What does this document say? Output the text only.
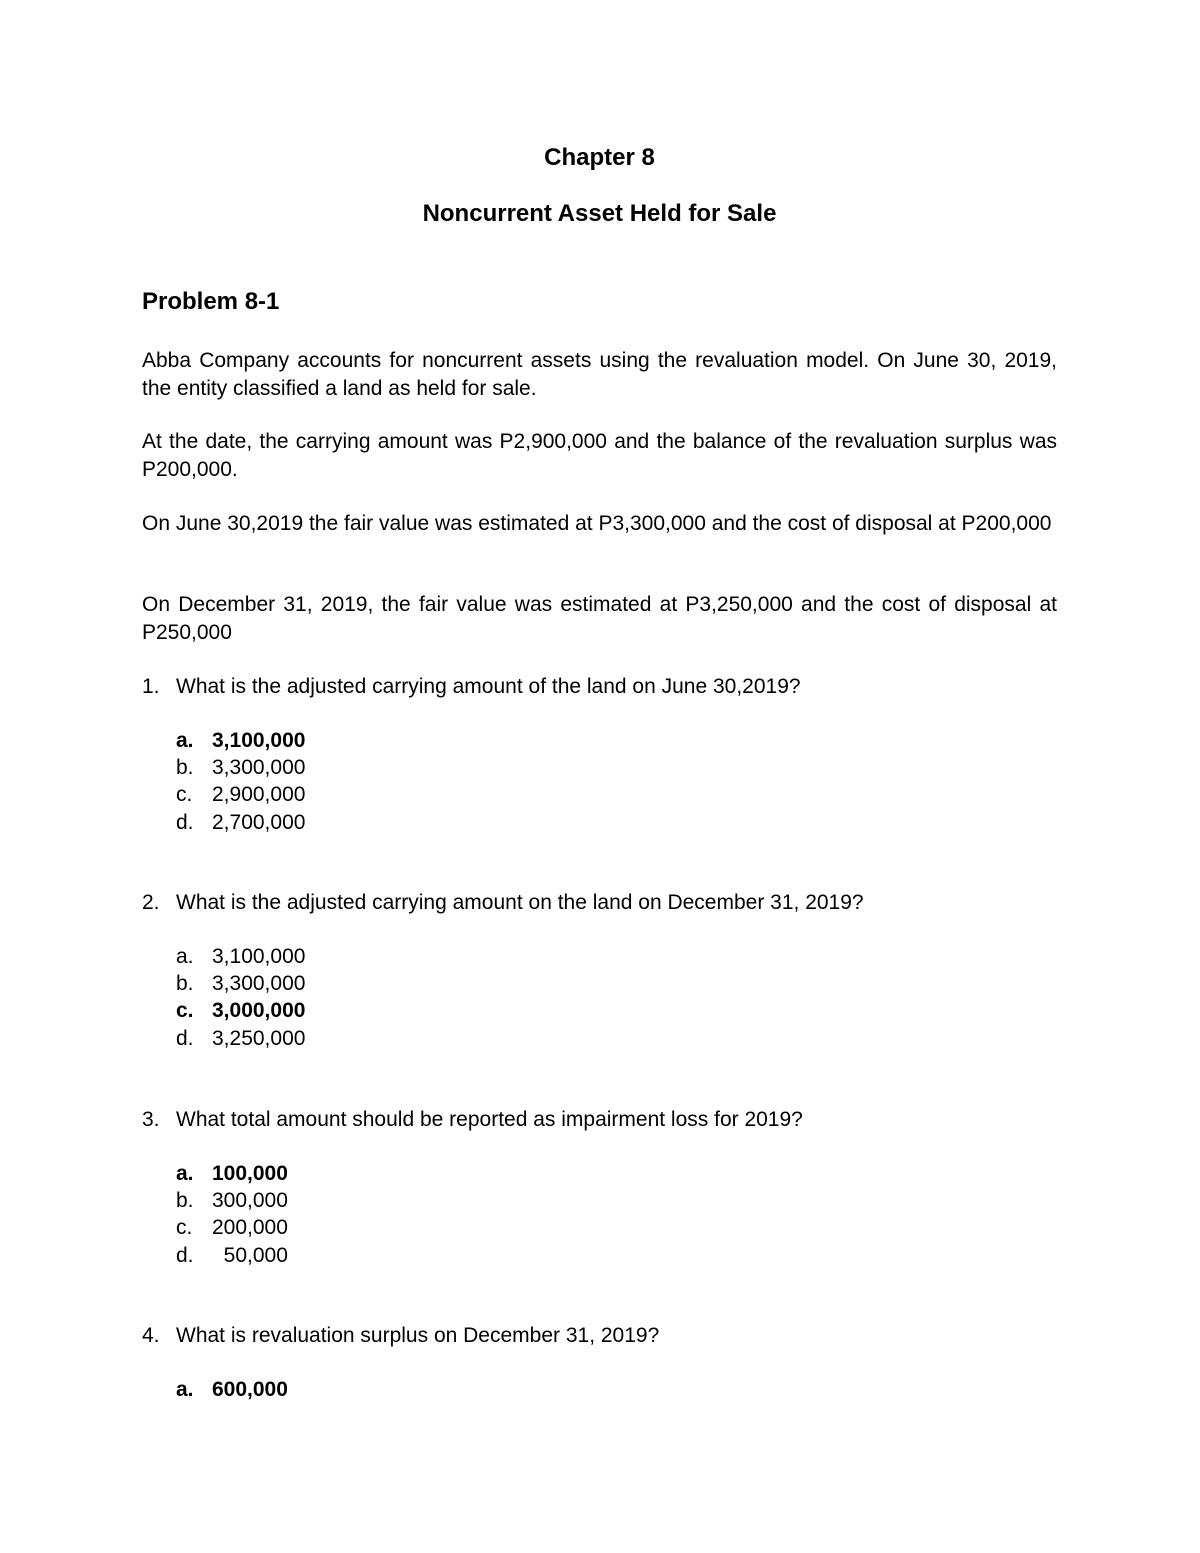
Chapter 8
Noncurrent Asset Held for Sale
Problem 8-1

Abba Company accounts for noncurrent assets using the revaluation model. On June 30, 2019, the entity classified a land as held for sale.

At the date, the carrying amount was P2,900,000 and the balance of the revaluation surplus was P200,000.

On June 30,2019 the fair value was estimated at P3,300,000 and the cost of disposal at P200,000

On December 31, 2019, the fair value was estimated at P3,250,000 and the cost of disposal at P250,000

1. What is the adjusted carrying amount of the land on June 30,2019?

a. 3,100,000
b. 3,300,000
c. 2,900,000
d. 2,700,000

2. What is the adjusted carrying amount on the land on December 31, 2019?

a. 3,100,000
b. 3,300,000
c. 3,000,000
d. 3,250,000

3. What total amount should be reported as impairment loss for 2019?

a. 100,000
b. 300,000
c. 200,000
d.  50,000

4. What is revaluation surplus on December 31, 2019?

a. 600,000
